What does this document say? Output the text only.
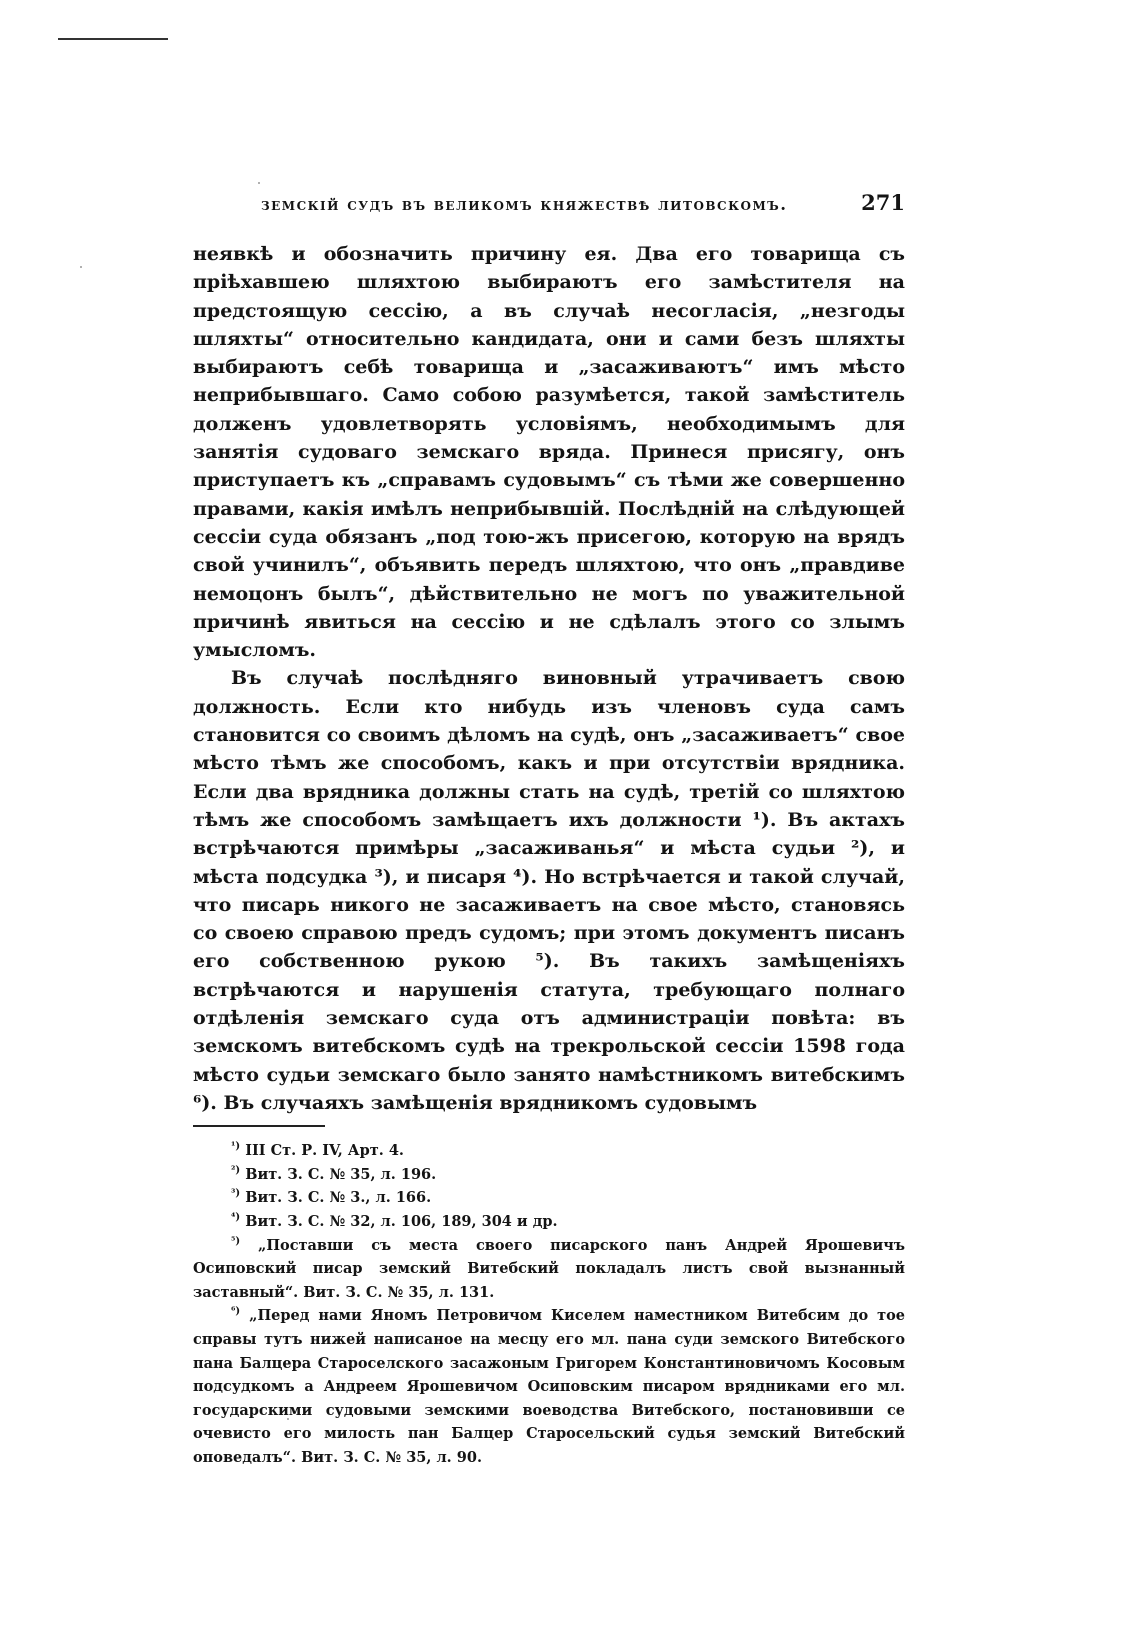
земскій судъ въ великомъ княжествѣ литовскомъ.	271

неявкѣ и обозначить причину ея. Два его товарища съ пріѣхавшею шляхтою выбираютъ его замѣстителя на предстоящую сессію, а въ случаѣ несогласія, „незгоды шляхты“ относительно кандидата, они и сами безъ шляхты выбираютъ себѣ товарища и „засаживаютъ“ имъ мѣсто неприбывшаго. Само собою разумѣется, такой замѣститель долженъ удовлетворять условіямъ, необходимымъ для занятія судоваго земскаго вряда. Принеся присягу, онъ приступаетъ къ „справамъ судовымъ“ съ тѣми же совершенно правами, какія имѣлъ неприбывшій. Послѣдній на слѣдующей сессіи суда обязанъ „под тою-жъ присегою, которую на врядъ свой учинилъ“, объявить передъ шляхтою, что онъ „правдиве немоцонъ былъ“, дѣйствительно не могъ по уважительной причинѣ явиться на сессію и не сдѣлалъ этого со злымъ умысломъ.

Въ случаѣ послѣдняго виновный утрачиваетъ свою должность. Если кто нибудь изъ членовъ суда самъ становится со своимъ дѣломъ на судѣ, онъ „засаживаетъ“ свое мѣсто тѣмъ же способомъ, какъ и при отсутствіи врядника. Если два врядника должны стать на судѣ, третій со шляхтою тѣмъ же способомъ замѣщаетъ ихъ должности ¹). Въ актахъ встрѣчаются примѣры „засаживанья“ и мѣста судьи ²), и мѣста подсудка ³), и писаря ⁴). Но встрѣчается и такой случай, что писарь никого не засаживаетъ на свое мѣсто, становясь со своею справою предъ судомъ; при этомъ документъ писанъ его собственною рукою ⁵). Въ такихъ замѣщеніяхъ встрѣчаются и нарушенія статута, требующаго полнаго отдѣленія земскаго суда отъ администраціи повѣта: въ земскомъ витебскомъ судѣ на трекрольской сессіи 1598 года мѣсто судьи земскаго было занято намѣстникомъ витебскимъ ⁶). Въ случаяхъ замѣщенія врядникомъ судовымъ

$^{^1)}$ III Ст. Р. IV, Арт. 4.

$^{^2)}$ Вит. З. С. № 35, л. 196.

$^{^3)}$ Вит. З. С. № 3., л. 166.

$^{^4)}$ Вит. З. С. № 32, л. 106, 189, 304 и др.

$^{^5)}$ „Поставши съ места своего писарского панъ Андрей Ярошевичъ Осиповский писар земский Витебский покладалъ листъ свой вызнанный заставный“. Вит. З. С. № 35, л. 131.

$^{^6)}$ „Перед нами Яномъ Петровичом Киселем наместником Витебсим до тое справы тутъ нижей написаное на месцу его мл. пана суди земского Витебского пана Балцера Староселского засажоным Григорем Константиновичомъ Косовым подсудкомъ а Андреем Ярошевичом Осиповским писаром врядниками его мл. государскими судовыми земскими воеводства Витебского, постановивши се очевисто его милость пан Балцер Старосельский судья земский Витебский оповедалъ“. Вит. З. С. № 35, л. 90.
